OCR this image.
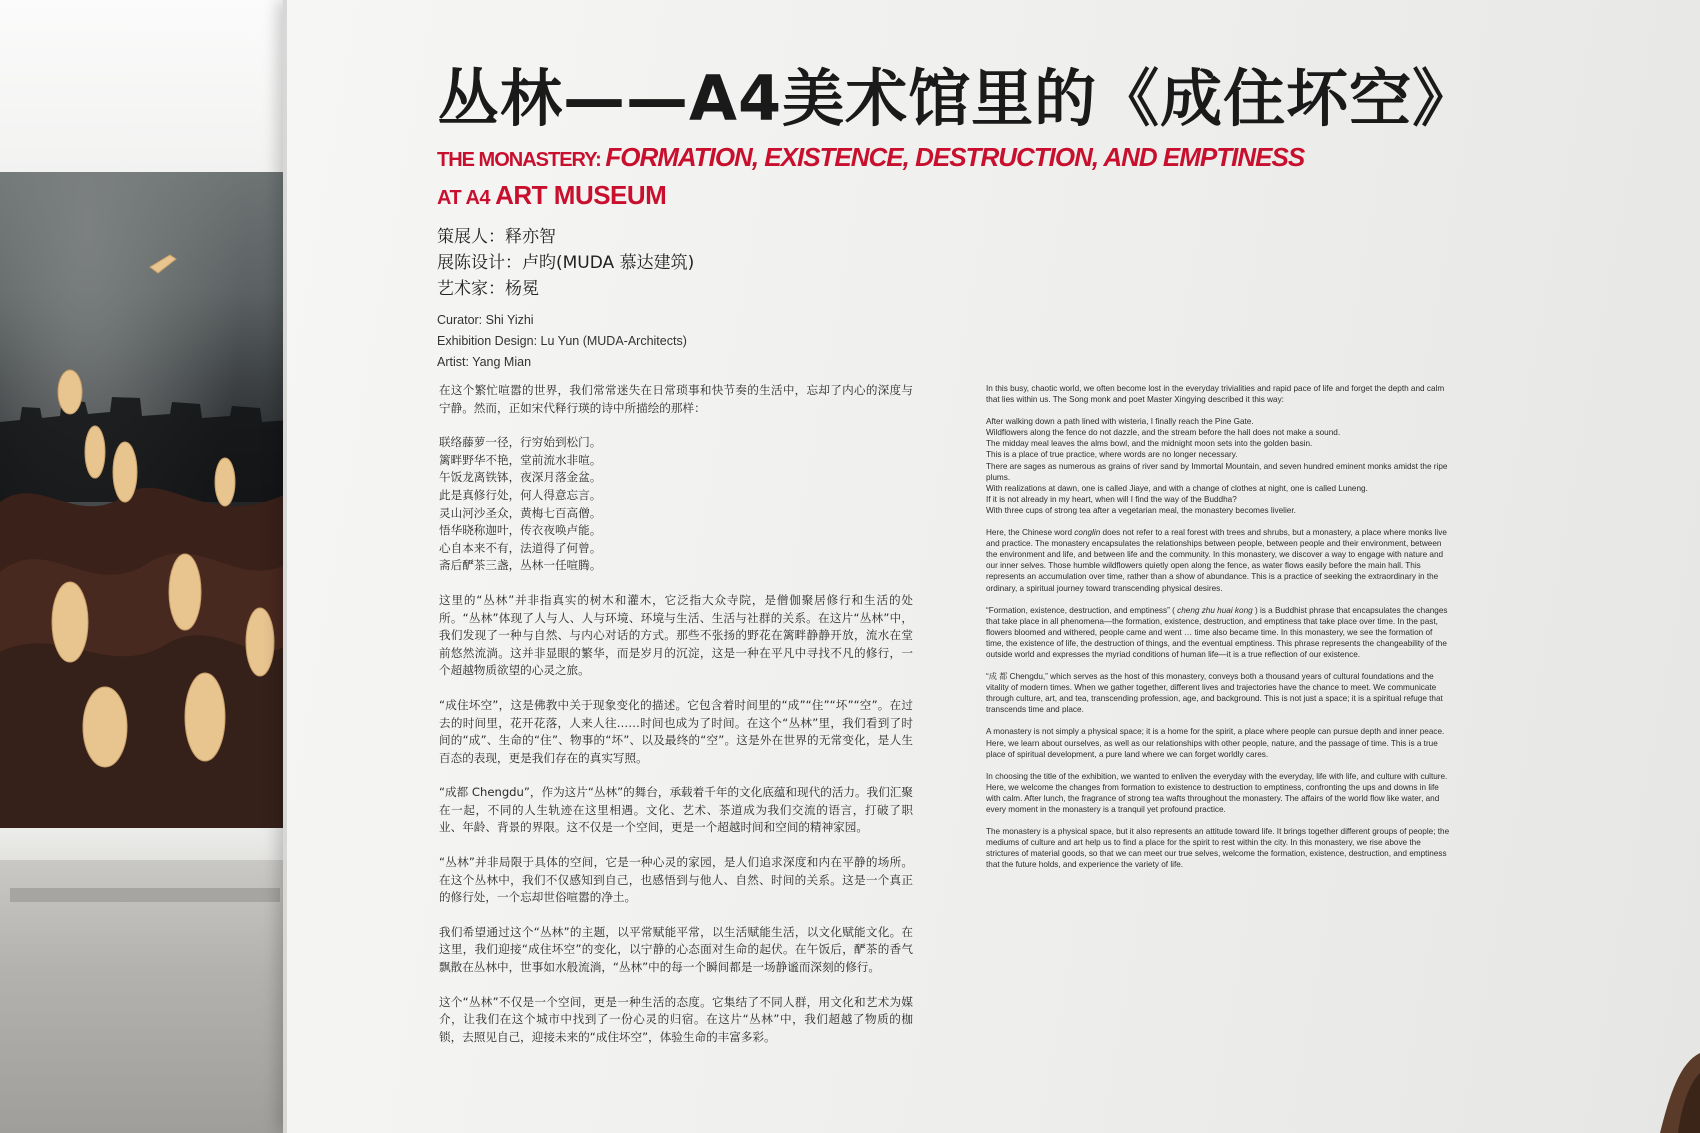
丛林——A4美术馆里的《成住坏空》
THE MONASTERY: FORMATION, EXISTENCE, DESTRUCTION, AND EMPTINESS
AT A4 ART MUSEUM
策展人：释亦智
展陈设计：卢昀(MUDA 慕达建筑)
艺术家：杨冕
Curator: Shi Yizhi
Exhibition Design: Lu Yun (MUDA-Architects)
Artist: Yang Mian

在这个繁忙喧嚣的世界，我们常常迷失在日常琐事和快节奏的生活中，忘却了内心的深度与宁静。然而，正如宋代释行瑛的诗中所描绘的那样：

联络藤萝一径，行穷始到松门。
篱畔野华不艳，堂前流水非喧。
午饭龙离铁钵，夜深月落金盆。
此是真修行处，何人得意忘言。
灵山河沙圣众，黄梅七百高僧。
悟华晓称迦叶，传衣夜唤卢能。
心自本来不有，法道得了何曾。
斋后酽茶三盏，丛林一任喧腾。

这里的“丛林”并非指真实的树木和灌木，它泛指大众寺院，是僧伽聚居修行和生活的处所。“丛林”体现了人与人、人与环境、环境与生活、生活与社群的关系。在这片“丛林”中，我们发现了一种与自然、与内心对话的方式。那些不张扬的野花在篱畔静静开放，流水在堂前悠然流淌。这并非显眼的繁华，而是岁月的沉淀，这是一种在平凡中寻找不凡的修行，一个超越物质欲望的心灵之旅。

“成住坏空”，这是佛教中关于现象变化的描述。它包含着时间里的“成”“住”“坏”“空”。在过去的时间里，花开花落，人来人往……时间也成为了时间。在这个“丛林”里，我们看到了时间的“成”、生命的“住”、物事的“坏”、以及最终的“空”。这是外在世界的无常变化，是人生百态的表现，更是我们存在的真实写照。

“成都 Chengdu”，作为这片“丛林”的舞台，承载着千年的文化底蕴和现代的活力。我们汇聚在一起，不同的人生轨迹在这里相遇。文化、艺术、茶道成为我们交流的语言，打破了职业、年龄、背景的界限。这不仅是一个空间，更是一个超越时间和空间的精神家园。

“丛林”并非局限于具体的空间，它是一种心灵的家园，是人们追求深度和内在平静的场所。在这个丛林中，我们不仅感知到自己，也感悟到与他人、自然、时间的关系。这是一个真正的修行处，一个忘却世俗喧嚣的净土。

我们希望通过这个“丛林”的主题，以平常赋能平常，以生活赋能生活，以文化赋能文化。在这里，我们迎接“成住坏空”的变化，以宁静的心态面对生命的起伏。在午饭后，酽茶的香气飘散在丛林中，世事如水般流淌，“丛林”中的每一个瞬间都是一场静谧而深刻的修行。

这个“丛林”不仅是一个空间，更是一种生活的态度。它集结了不同人群，用文化和艺术为媒介，让我们在这个城市中找到了一份心灵的归宿。在这片“丛林”中，我们超越了物质的枷锁，去照见自己，迎接未来的“成住坏空”，体验生命的丰富多彩。

In this busy, chaotic world, we often become lost in the everyday trivialities and rapid pace of life and forget the depth and calm that lies within us. The Song monk and poet Master Xingying described it this way:

After walking down a path lined with wisteria, I finally reach the Pine Gate.
Wildflowers along the fence do not dazzle, and the stream before the hall does not make a sound.
The midday meal leaves the alms bowl, and the midnight moon sets into the golden basin.
This is a place of true practice, where words are no longer necessary.
There are sages as numerous as grains of river sand by Immortal Mountain, and seven hundred eminent monks amidst the ripe plums.
With realizations at dawn, one is called Jiaye, and with a change of clothes at night, one is called Luneng.
If it is not already in my heart, when will I find the way of the Buddha?
With three cups of strong tea after a vegetarian meal, the monastery becomes livelier.

Here, the Chinese word conglin does not refer to a real forest with trees and shrubs, but a monastery, a place where monks live and practice. The monastery encapsulates the relationships between people, between people and their environment, between the environment and life, and between life and the community. In this monastery, we discover a way to engage with nature and our inner selves. Those humble wildflowers quietly open along the fence, as water flows easily before the main hall. This represents an accumulation over time, rather than a show of abundance. This is a practice of seeking the extraordinary in the ordinary, a spiritual journey toward transcending physical desires.

“Formation, existence, destruction, and emptiness” ( cheng zhu huai kong ) is a Buddhist phrase that encapsulates the changes that take place in all phenomena—the formation, existence, destruction, and emptiness that take place over time. In the past, flowers bloomed and withered, people came and went … time also became time. In this monastery, we see the formation of time, the existence of life, the destruction of things, and the eventual emptiness. This phrase represents the changeability of the outside world and expresses the myriad conditions of human life—it is a true reflection of our existence.

“成 都 Chengdu,” which serves as the host of this monastery, conveys both a thousand years of cultural foundations and the vitality of modern times. When we gather together, different lives and trajectories have the chance to meet. We communicate through culture, art, and tea, transcending profession, age, and background. This is not just a space; it is a spiritual refuge that transcends time and place.

A monastery is not simply a physical space; it is a home for the spirit, a place where people can pursue depth and inner peace. Here, we learn about ourselves, as well as our relationships with other people, nature, and the passage of time. This is a true place of spiritual development, a pure land where we can forget worldly cares.

In choosing the title of the exhibition, we wanted to enliven the everyday with the everyday, life with life, and culture with culture. Here, we welcome the changes from formation to existence to destruction to emptiness, confronting the ups and downs in life with calm. After lunch, the fragrance of strong tea wafts throughout the monastery. The affairs of the world flow like water, and every moment in the monastery is a tranquil yet profound practice.

The monastery is a physical space, but it also represents an attitude toward life. It brings together different groups of people; the mediums of culture and art help us to find a place for the spirit to rest within the city. In this monastery, we rise above the strictures of material goods, so that we can meet our true selves, welcome the formation, existence, destruction, and emptiness that the future holds, and experience the variety of life.
